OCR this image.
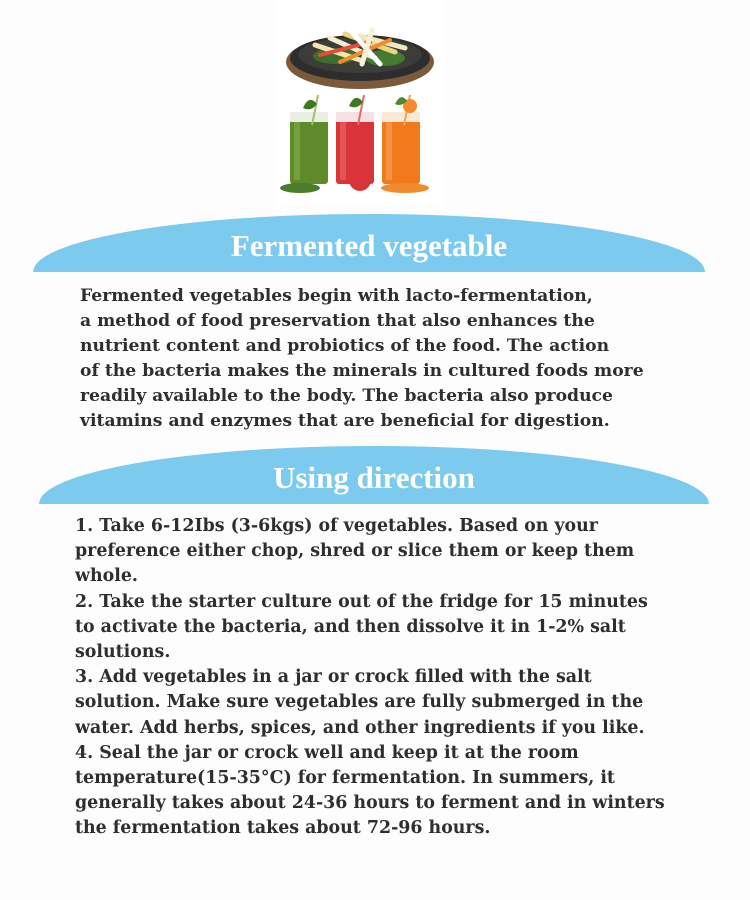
Fermented vegetable
Fermented vegetables begin with lacto-fermentation,
a method of food preservation that also enhances the
nutrient content and probiotics of the food. The action
of the bacteria makes the minerals in cultured foods more
readily available to the body. The bacteria also produce
vitamins and enzymes that are beneficial for digestion.
Using direction
1. Take 6-12Ibs (3-6kgs) of vegetables. Based on your
preference either chop, shred or slice them or keep them
whole.
2. Take the starter culture out of the fridge for 15 minutes
to activate the bacteria, and then dissolve it in 1-2% salt
solutions.
3. Add vegetables in a jar or crock filled with the salt
solution. Make sure vegetables are fully submerged in the
water. Add herbs, spices, and other ingredients if you like.
4. Seal the jar or crock well and keep it at the room
temperature(15-35°C) for fermentation. In summers, it
generally takes about 24-36 hours to ferment and in winters
the fermentation takes about 72-96 hours.
